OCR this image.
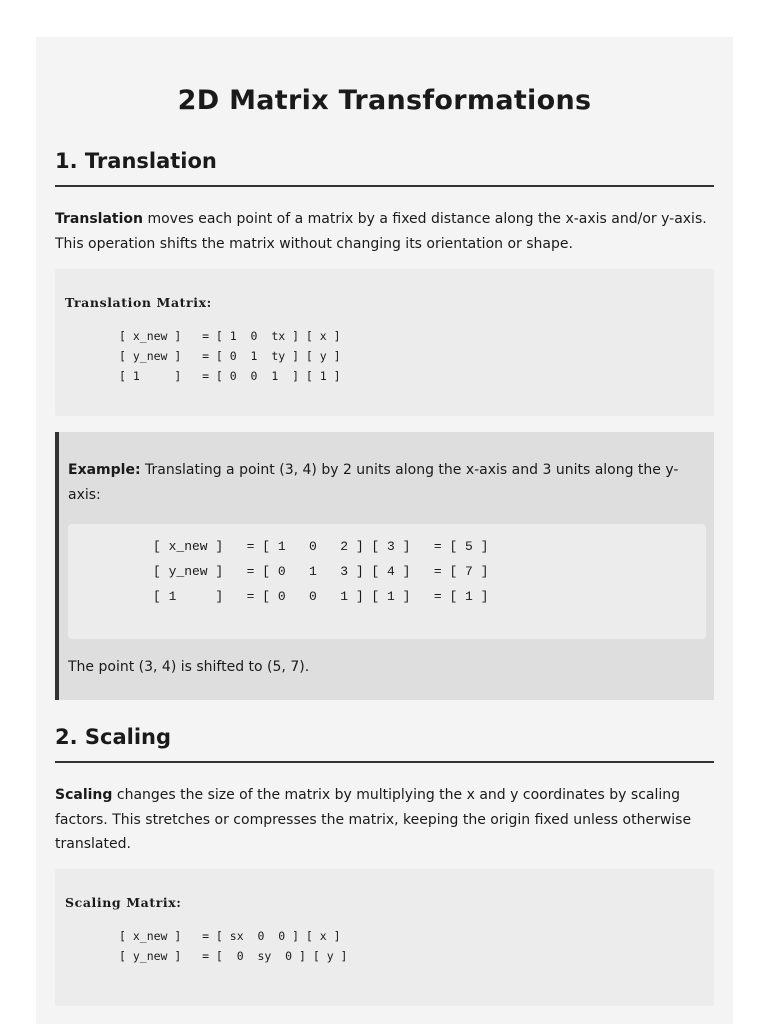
2D Matrix Transformations
1. Translation

Translation moves each point of a matrix by a fixed distance along the x-axis and/or y-axis. This operation shifts the matrix without changing its orientation or shape.

Translation Matrix:
[ x_new ]   = [ 1  0  tx ] [ x ]
[ y_new ]   = [ 0  1  ty ] [ y ]
[ 1     ]   = [ 0  0  1  ] [ 1 ]

Example: Translating a point (3, 4) by 2 units along the x-axis and 3 units along the y-axis:

[ x_new ]   = [ 1   0   2 ] [ 3 ]   = [ 5 ]
[ y_new ]   = [ 0   1   3 ] [ 4 ]   = [ 7 ]
[ 1     ]   = [ 0   0   1 ] [ 1 ]   = [ 1 ]

The point (3, 4) is shifted to (5, 7).

2. Scaling

Scaling changes the size of the matrix by multiplying the x and y coordinates by scaling factors. This stretches or compresses the matrix, keeping the origin fixed unless otherwise translated.

Scaling Matrix:
[ x_new ]   = [ sx  0  0 ] [ x ]
[ y_new ]   = [  0  sy  0 ] [ y ]
